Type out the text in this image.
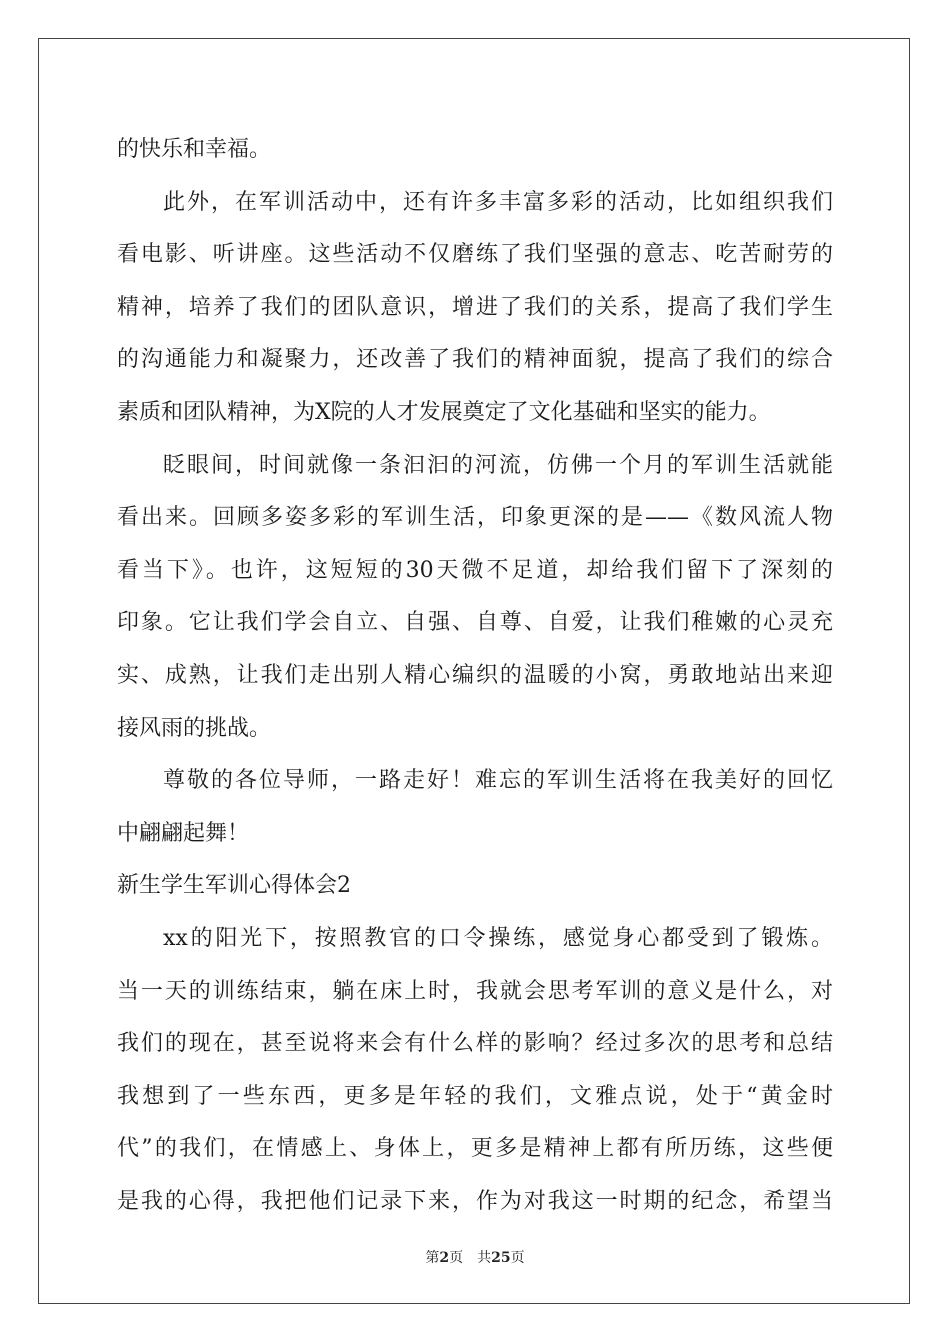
的快乐和幸福。
此外，在军训活动中，还有许多丰富多彩的活动，比如组织我们
看电影、听讲座。这些活动不仅磨练了我们坚强的意志、吃苦耐劳的
精神，培养了我们的团队意识，增进了我们的关系，提高了我们学生
的沟通能力和凝聚力，还改善了我们的精神面貌，提高了我们的综合
素质和团队精神，为X院的人才发展奠定了文化基础和坚实的能力。
眨眼间，时间就像一条汩汩的河流，仿佛一个月的军训生活就能
看出来。回顾多姿多彩的军训生活，印象更深的是——《数风流人物
看当下》。也许，这短短的30天微不足道，却给我们留下了深刻的
印象。它让我们学会自立、自强、自尊、自爱，让我们稚嫩的心灵充
实、成熟，让我们走出别人精心编织的温暖的小窝，勇敢地站出来迎
接风雨的挑战。
尊敬的各位导师，一路走好！难忘的军训生活将在我美好的回忆
中翩翩起舞！
新生学生军训心得体会2
xx的阳光下，按照教官的口令操练，感觉身心都受到了锻炼。
当一天的训练结束，躺在床上时，我就会思考军训的意义是什么，对
我们的现在，甚至说将来会有什么样的影响？经过多次的思考和总结
我想到了一些东西，更多是年轻的我们，文雅点说，处于“黄金时
代”的我们，在情感上、身体上，更多是精神上都有所历练，这些便
是我的心得，我把他们记录下来，作为对我这一时期的纪念，希望当
第2页　共25页
